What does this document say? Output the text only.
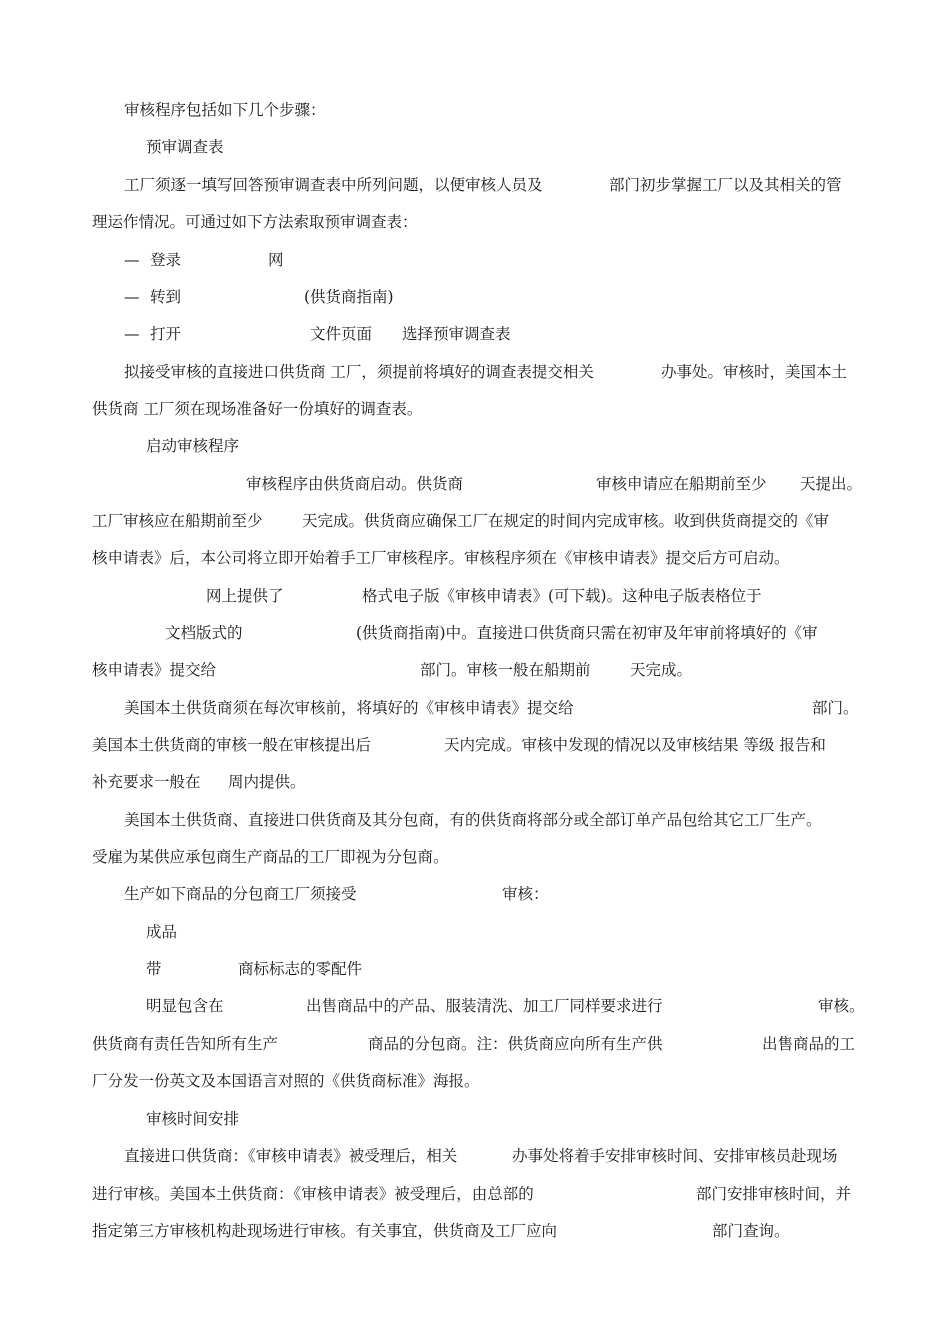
审核程序包括如下几个步骤：
预审调查表
工厂须逐一填写回答预审调查表中所列问题，以便审核人员及	部门初步掌握工厂以及其相关的管
理运作情况。可通过如下方法索取预审调查表：
— 登录	网
— 转到	(供货商指南)
— 打开	文件页面 选择预审调查表
拟接受审核的直接进口供货商 工厂，须提前将填好的调查表提交相关	办事处。审核时，美国本土
供货商 工厂须在现场准备好一份填好的调查表。
启动审核程序
审核程序由供货商启动。供货商	审核申请应在船期前至少 天提出。
工厂审核应在船期前至少	天完成。供货商应确保工厂在规定的时间内完成审核。收到供货商提交的《审
核申请表》后，本公司将立即开始着手工厂审核程序。审核程序须在《审核申请表》提交后方可启动。
网上提供了	格式电子版《审核申请表》(可下载)。这种电子版表格位于
文档版式的	(供货商指南)中。直接进口供货商只需在初审及年审前将填好的《审
核申请表》提交给	部门。审核一般在船期前	天完成。
美国本土供货商须在每次审核前，将填好的《审核申请表》提交给	部门。
美国本土供货商的审核一般在审核提出后	天内完成。审核中发现的情况以及审核结果 等级 报告和
补充要求一般在 周内提供。
美国本土供货商、直接进口供货商及其分包商，有的供货商将部分或全部订单产品包给其它工厂生产。
受雇为某供应承包商生产商品的工厂即视为分包商。
生产如下商品的分包商工厂须接受	审核：
成品
带	商标标志的零配件
明显包含在	出售商品中的产品、服装清洗、加工厂同样要求进行	审核。
供货商有责任告知所有生产	商品的分包商。注：供货商应向所有生产供	出售商品的工
厂分发一份英文及本国语言对照的《供货商标准》海报。
审核时间安排
直接进口供货商：《审核申请表》被受理后，相关	办事处将着手安排审核时间、安排审核员赴现场
进行审核。美国本土供货商：《审核申请表》被受理后，由总部的	部门安排审核时间，并
指定第三方审核机构赴现场进行审核。有关事宜，供货商及工厂应向	部门查询。
